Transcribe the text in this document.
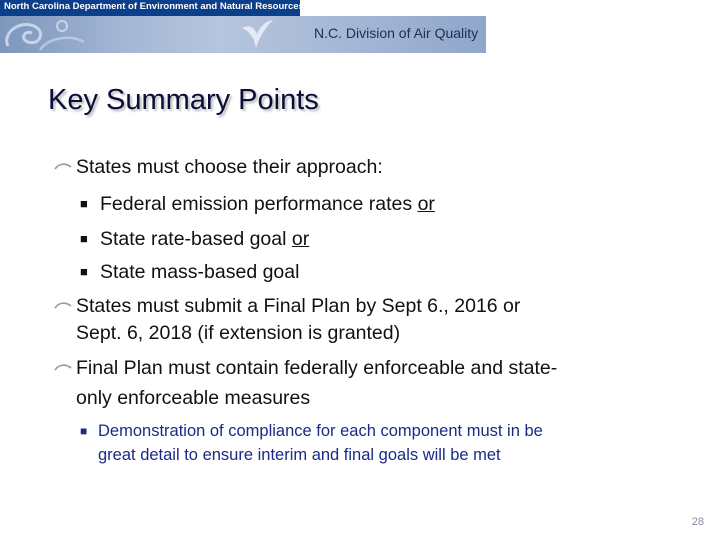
North Carolina Department of Environment and Natural Resources
N.C. Division of Air Quality
Key Summary Points
States must choose their approach:
■ Federal emission performance rates or
■ State rate-based goal or
■ State mass-based goal
States must submit a Final Plan by Sept 6., 2016 or
Sept. 6, 2018 (if extension is granted)
Final Plan must contain federally enforceable and state-
only enforceable measures
■ Demonstration of compliance for each component must in be
great detail to ensure interim and final goals will be met
28
